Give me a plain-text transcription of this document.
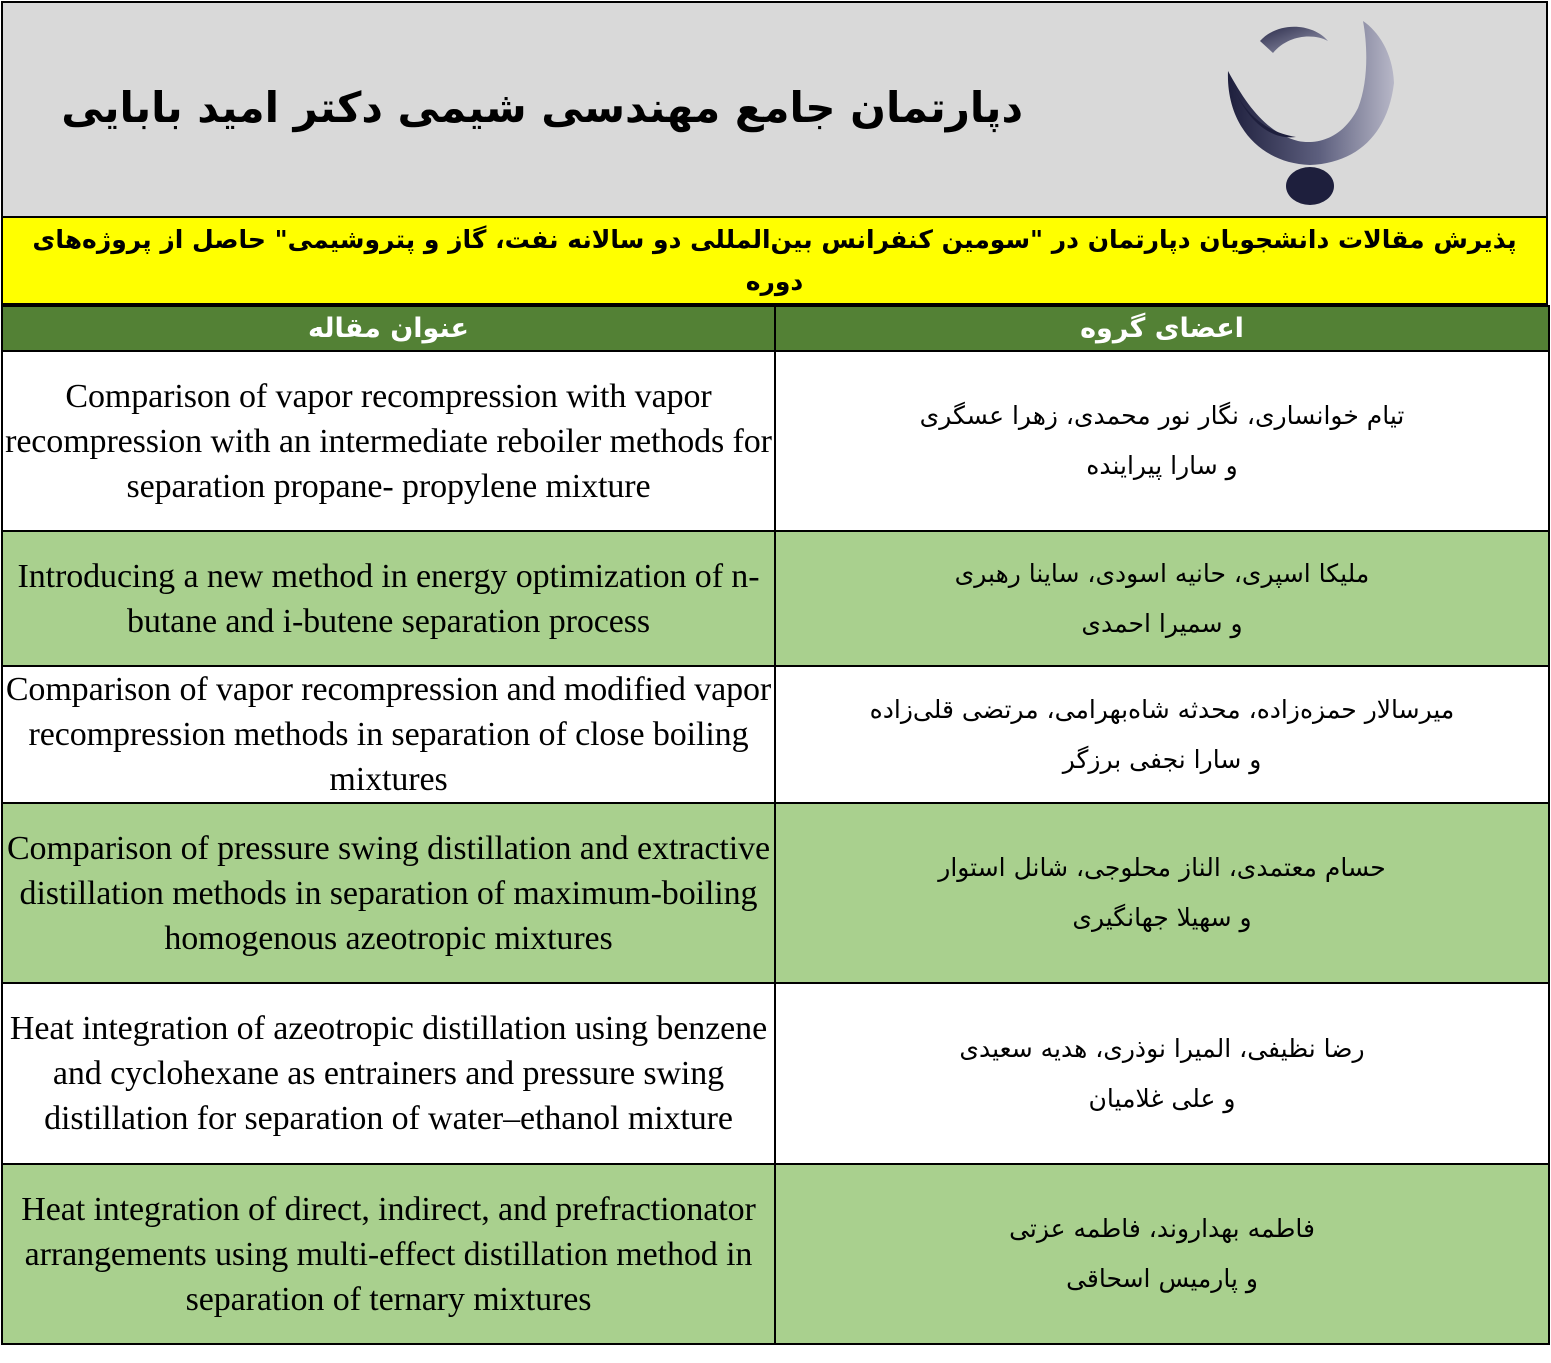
دپارتمان جامع مهندسی شیمی دکتر امید بابایی
پذیرش مقالات دانشجویان دپارتمان در "سومین کنفرانس بین‌المللی دو سالانه نفت، گاز و پتروشیمی" حاصل از پروژه‌های دوره
عنوان مقاله	اعضای گروه
Comparison of vapor recompression with vapor recompression with an intermediate reboiler methods for separation propane- propylene mixture	تیام خوانساری، نگار نور محمدی، زهرا عسگری
و سارا پیراینده

Introducing a new method in energy optimization of n-butane and i-butene separation process	ملیکا اسپری، حانیه اسودی، ساینا رهبری
و سمیرا احمدی

Comparison of vapor recompression and modified vapor recompression methods in separation of close boiling mixtures	میرسالار حمزه‌زاده، محدثه شاه‌بهرامی، مرتضی قلی‌زاده
و سارا نجفی برزگر

Comparison of pressure swing distillation and extractive distillation methods in separation of maximum-boiling homogenous azeotropic mixtures	حسام معتمدی، الناز محلوجی، شانل استوار
و سهیلا جهانگیری

Heat integration of azeotropic distillation using benzene and cyclohexane as entrainers and pressure swing distillation for separation of water–ethanol mixture	رضا نظیفی، المیرا نوذری، هدیه سعیدی
و علی غلامیان

Heat integration of direct, indirect, and prefractionator arrangements using multi-effect distillation method in separation of ternary mixtures	فاطمه بهداروند، فاطمه عزتی
و پارمیس اسحاقی
